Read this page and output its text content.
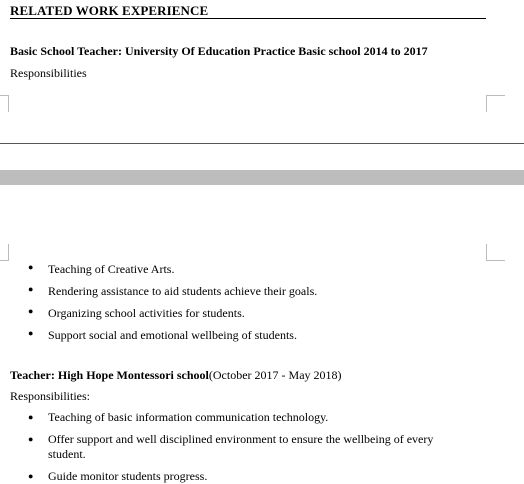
RELATED WORK EXPERIENCE
Basic School Teacher: University Of Education Practice Basic school 2014 to 2017
Responsibilities
● Teaching of Creative Arts.
● Rendering assistance to aid students achieve their goals.
● Organizing school activities for students.
● Support social and emotional wellbeing of students.
Teacher: High Hope Montessori school(October 2017 - May 2018)
Responsibilities:
● Teaching of basic information communication technology.
● Offer support and well disciplined environment to ensure the wellbeing of every
student.
● Guide monitor students progress.
